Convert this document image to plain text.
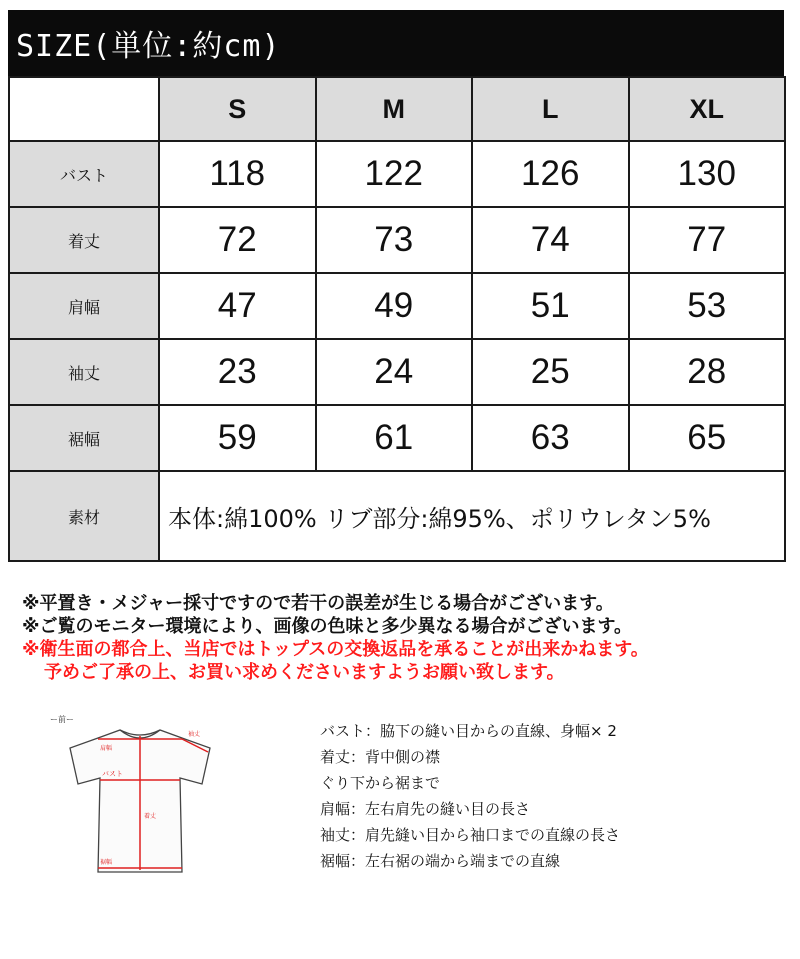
SIZE(単位:約cm)
	S	M	L	XL
バスト	118	122	126	130
着丈	72	73	74	77
肩幅	47	49	51	53
袖丈	23	24	25	28
裾幅	59	61	63	65
素材	本体:綿100% リブ部分:綿95%、ポリウレタン5%			
※平置き・メジャー採寸ですので若干の誤差が生じる場合がございます。
※ご覧のモニター環境により、画像の色味と多少異なる場合がございます。
※衛生面の都合上、当店ではトップスの交換返品を承ることが出来かねます。
予めご了承の上、お買い求めくださいますようお願い致します。
ー前ー
肩幅
袖丈
バスト
着丈
裾幅
バスト：脇下の縫い目からの直線、身幅× 2
着丈：背中側の襟
ぐり下から裾まで
肩幅：左右肩先の縫い目の長さ
袖丈：肩先縫い目から袖口までの直線の長さ
裾幅：左右裾の端から端までの直線
